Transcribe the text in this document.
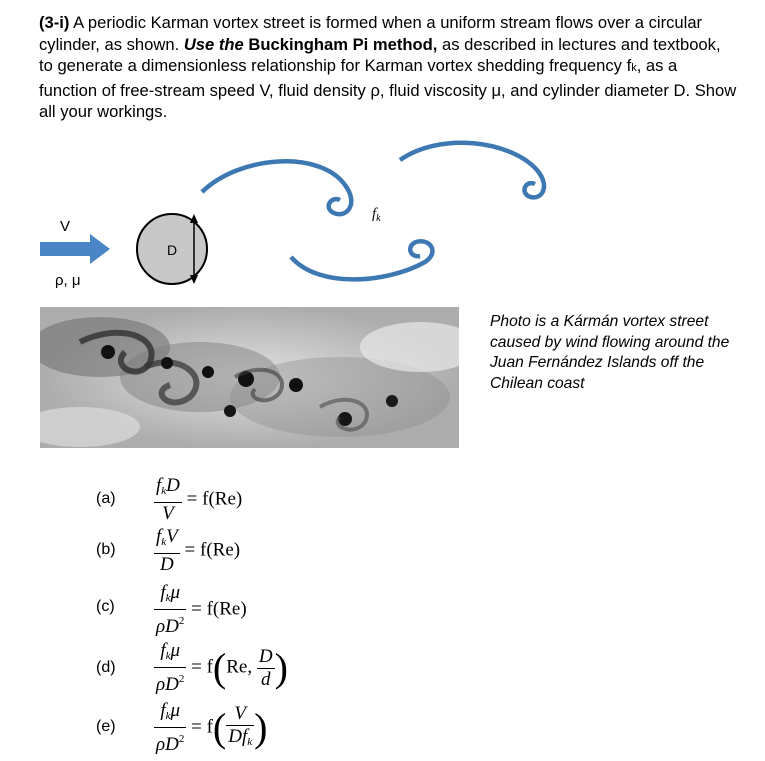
(3-i) A periodic Karman vortex street is formed when a uniform stream flows over a circular cylinder, as shown. Use the Buckingham Pi method, as described in lectures and textbook, to generate a dimensionless relationship for Karman vortex shedding frequency fk, as a function of free-stream speed V, fluid density ρ, fluid viscosity μ, and cylinder diameter D. Show all your workings.
V
ρ, μ
D
$f_k$
Photo is a Kármán vortex street caused by wind flowing around the Juan Fernández Islands off the Chilean coast
$(a) \frac{f_kD}{V} = f(Re)$
$(b) \frac{f_kV}{D} = f(Re)$
$(c) \frac{f_k\mu}{\rho D^2} = f(Re)$
$(d) \frac{f_k\mu}{\rho D^2} = f(Re$, $\frac{D}{d}$ )
$(e) \frac{f_k\mu}{\rho D^2} = f( \frac{V}{Df_k}$ )
